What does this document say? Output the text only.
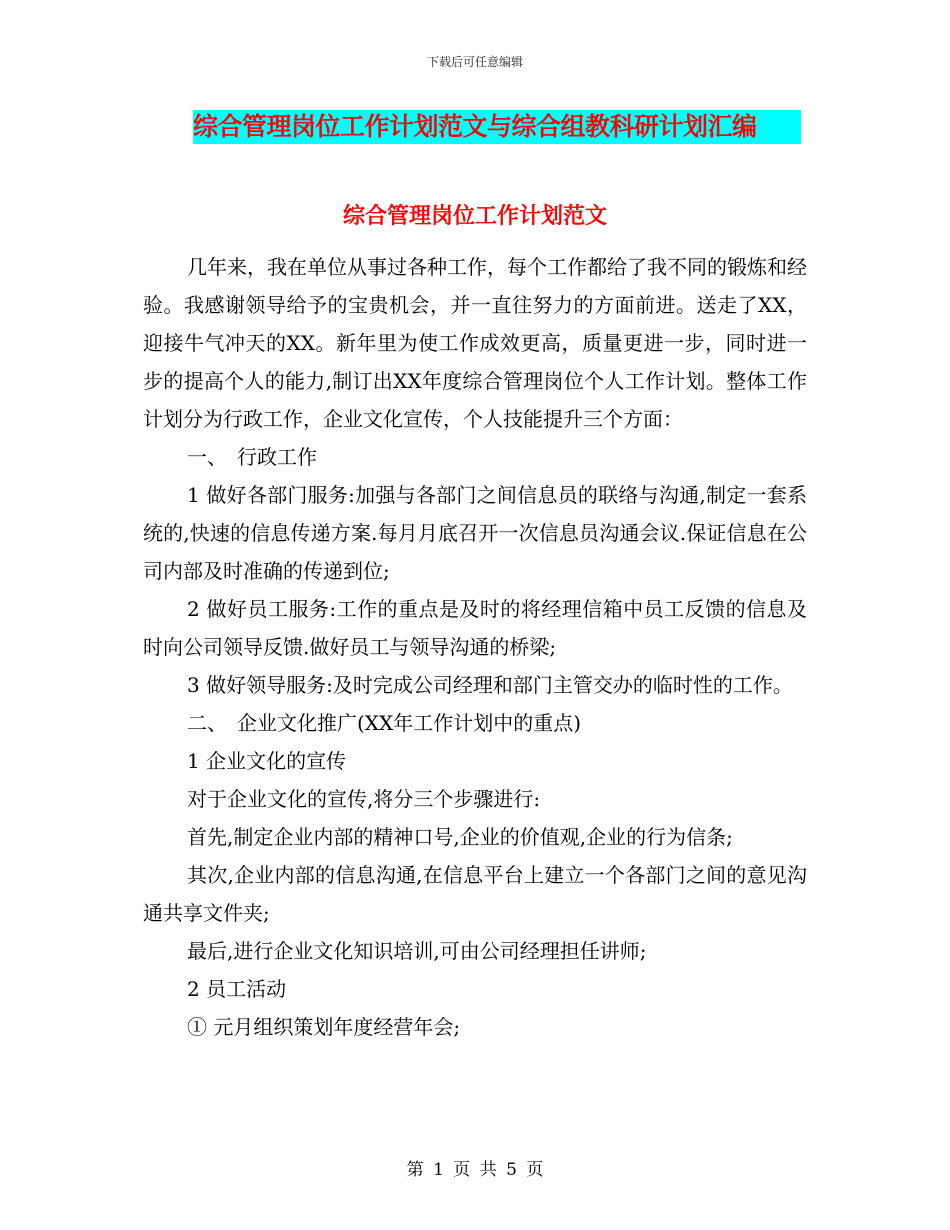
下载后可任意编辑
综合管理岗位工作计划范文与综合组教科研计划汇编
综合管理岗位工作计划范文

几年来，我在单位从事过各种工作，每个工作都给了我不同的锻炼和经验。我感谢领导给予的宝贵机会，并一直往努力的方面前进。送走了XX，迎接牛气冲天的XX。新年里为使工作成效更高，质量更进一步，同时进一步的提高个人的能力,制订出XX年度综合管理岗位个人工作计划。整体工作计划分为行政工作，企业文化宣传，个人技能提升三个方面：

一、　行政工作

1 做好各部门服务:加强与各部门之间信息员的联络与沟通,制定一套系统的,快速的信息传递方案.每月月底召开一次信息员沟通会议.保证信息在公司内部及时准确的传递到位;

2 做好员工服务:工作的重点是及时的将经理信箱中员工反馈的信息及时向公司领导反馈.做好员工与领导沟通的桥梁;

3 做好领导服务:及时完成公司经理和部门主管交办的临时性的工作。

二、　企业文化推广(XX年工作计划中的重点)

1 企业文化的宣传

对于企业文化的宣传,将分三个步骤进行:

首先,制定企业内部的精神口号,企业的价值观,企业的行为信条;

其次,企业内部的信息沟通,在信息平台上建立一个各部门之间的意见沟通共享文件夹;

最后,进行企业文化知识培训,可由公司经理担任讲师;

2 员工活动

① 元月组织策划年度经营年会;

第 1 页 共 5 页
